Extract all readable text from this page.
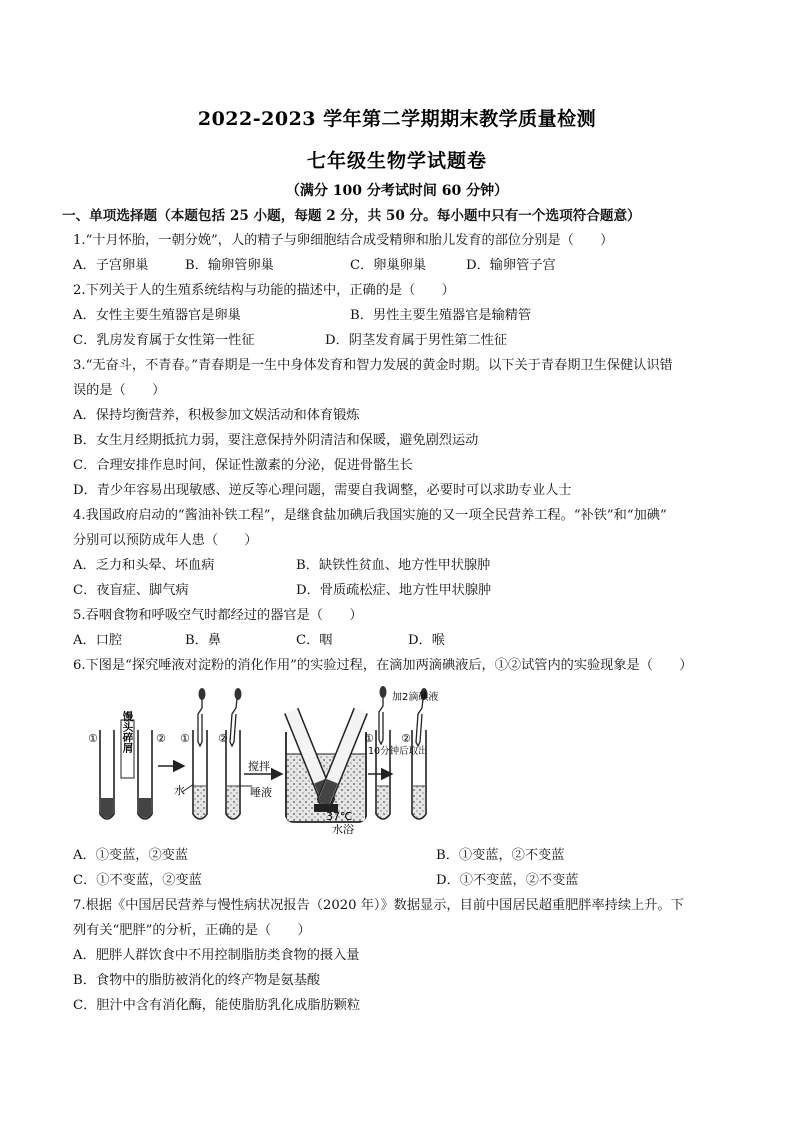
2022-2023 学年第二学期期末教学质量检测
七年级生物学试题卷
（满分 100 分考试时间 60 分钟）
一、单项选择题（本题包括 25 小题，每题 2 分，共 50 分。每小题中只有一个选项符合题意）
1.“十月怀胎，一朝分娩”，人的精子与卵细胞结合成受精卵和胎儿发育的部位分别是（　　）
A．子宫卵巢	B．输卵管卵巢	C．卵巢卵巢	D．输卵管子宫
2.下列关于人的生殖系统结构与功能的描述中，正确的是（　　）
A．女性主要生殖器官是卵巢	B．男性主要生殖器官是输精管
C．乳房发育属于女性第一性征	D．阴茎发育属于男性第二性征
3.“无奋斗，不青春。”青春期是一生中身体发育和智力发展的黄金时期。以下关于青春期卫生保健认识错
误的是（　　）
A．保持均衡营养，积极参加文娱活动和体育锻炼
B．女生月经期抵抗力弱，要注意保持外阴清洁和保暖，避免剧烈运动
C．合理安排作息时间，保证性激素的分泌，促进骨骼生长
D．青少年容易出现敏感、逆反等心理问题，需要自我调整，必要时可以求助专业人士
4.我国政府启动的“酱油补铁工程”，是继食盐加碘后我国实施的又一项全民营养工程。“补铁”和“加碘”
分别可以预防成年人患（　　）
A．乏力和头晕、坏血病	B．缺铁性贫血、地方性甲状腺肿
C．夜盲症、脚气病	D．骨质疏松症、地方性甲状腺肿
5.吞咽食物和呼吸空气时都经过的器官是（　　）
A．口腔	B．鼻	C．咽	D．喉
6.下图是“探究唾液对淀粉的消化作用”的实验过程，在滴加两滴碘液后，①②试管内的实验现象是（　　）
①	②
馒头碎屑	①
水
②
搅拌
唾液
37℃
水浴
10分钟后取出
① ②
加2滴碘液
A．①变蓝，②变蓝	B．①变蓝，②不变蓝
C．①不变蓝，②变蓝	D．①不变蓝，②不变蓝
7.根据《中国居民营养与慢性病状况报告（2020 年）》数据显示，目前中国居民超重肥胖率持续上升。下
列有关“肥胖”的分析，正确的是（　　）
A．肥胖人群饮食中不用控制脂肪类食物的摄入量
B．食物中的脂肪被消化的终产物是氨基酸
C．胆汁中含有消化酶，能使脂肪乳化成脂肪颗粒
